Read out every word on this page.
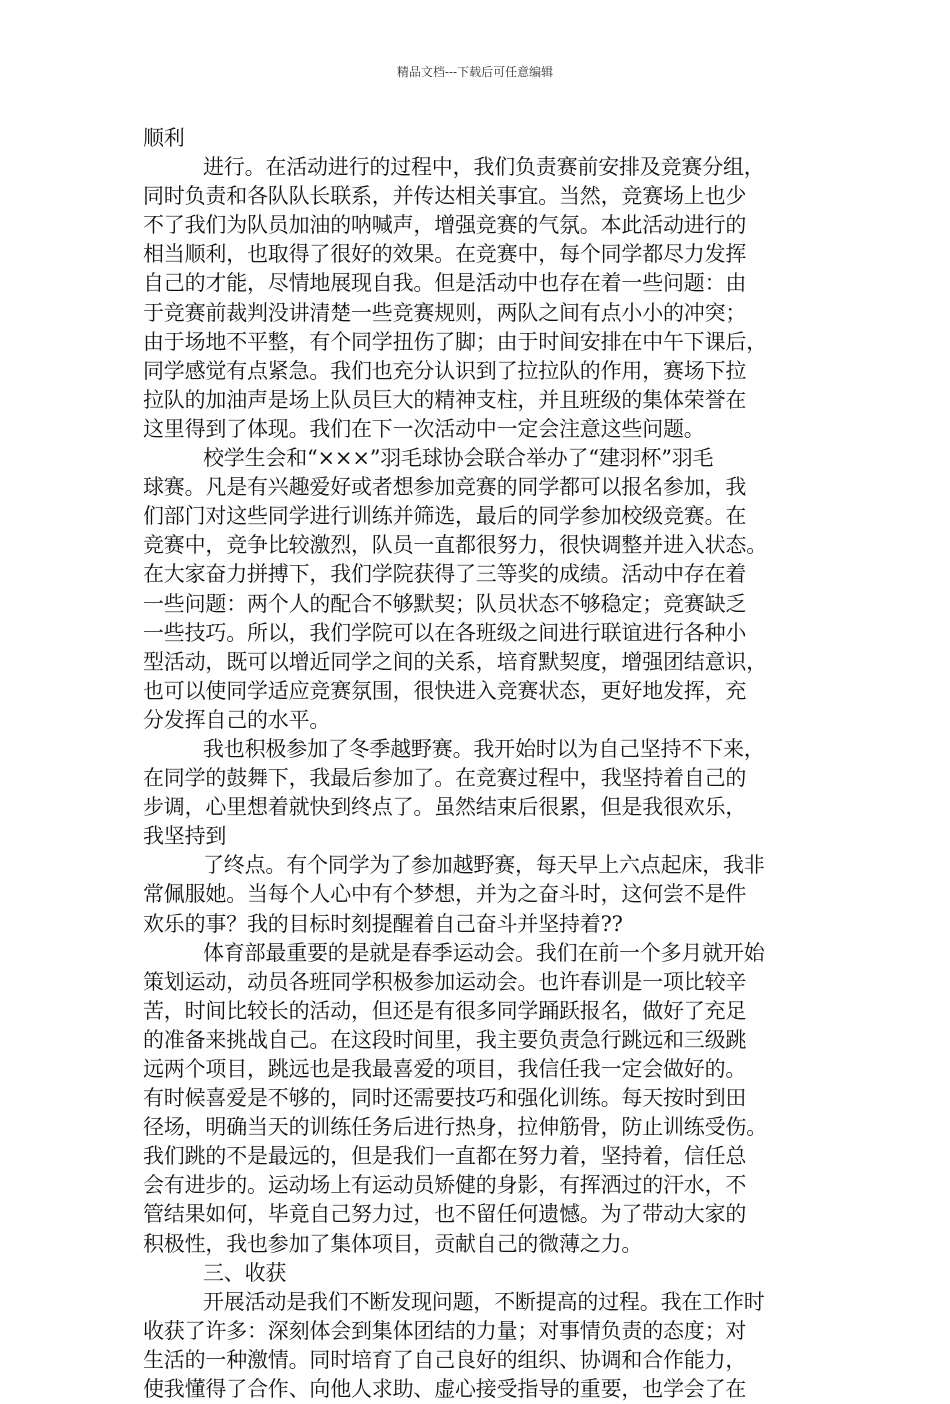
精品文档---下载后可任意编辑
顺利
进行。在活动进行的过程中，我们负责赛前安排及竞赛分组，
同时负责和各队队长联系，并传达相关事宜。当然，竞赛场上也少
不了我们为队员加油的呐喊声，增强竞赛的气氛。本此活动进行的
相当顺利，也取得了很好的效果。在竞赛中，每个同学都尽力发挥
自己的才能，尽情地展现自我。但是活动中也存在着一些问题：由
于竞赛前裁判没讲清楚一些竞赛规则，两队之间有点小小的冲突；
由于场地不平整，有个同学扭伤了脚；由于时间安排在中午下课后，
同学感觉有点紧急。我们也充分认识到了拉拉队的作用，赛场下拉
拉队的加油声是场上队员巨大的精神支柱，并且班级的集体荣誉在
这里得到了体现。我们在下一次活动中一定会注意这些问题。
校学生会和“×××”羽毛球协会联合举办了“建羽杯”羽毛
球赛。凡是有兴趣爱好或者想参加竞赛的同学都可以报名参加，我
们部门对这些同学进行训练并筛选，最后的同学参加校级竞赛。在
竞赛中，竞争比较激烈，队员一直都很努力，很快调整并进入状态。
在大家奋力拼搏下，我们学院获得了三等奖的成绩。活动中存在着
一些问题：两个人的配合不够默契；队员状态不够稳定；竞赛缺乏
一些技巧。所以，我们学院可以在各班级之间进行联谊进行各种小
型活动，既可以增近同学之间的关系，培育默契度，增强团结意识，
也可以使同学适应竞赛氛围，很快进入竞赛状态，更好地发挥，充
分发挥自己的水平。
我也积极参加了冬季越野赛。我开始时以为自己坚持不下来，
在同学的鼓舞下，我最后参加了。在竞赛过程中，我坚持着自己的
步调，心里想着就快到终点了。虽然结束后很累，但是我很欢乐，
我坚持到
了终点。有个同学为了参加越野赛，每天早上六点起床，我非
常佩服她。当每个人心中有个梦想，并为之奋斗时，这何尝不是件
欢乐的事？我的目标时刻提醒着自己奋斗并坚持着??
体育部最重要的是就是春季运动会。我们在前一个多月就开始
策划运动，动员各班同学积极参加运动会。也许春训是一项比较辛
苦，时间比较长的活动，但还是有很多同学踊跃报名，做好了充足
的准备来挑战自己。在这段时间里，我主要负责急行跳远和三级跳
远两个项目，跳远也是我最喜爱的项目，我信任我一定会做好的。
有时候喜爱是不够的，同时还需要技巧和强化训练。每天按时到田
径场，明确当天的训练任务后进行热身，拉伸筋骨，防止训练受伤。
我们跳的不是最远的，但是我们一直都在努力着，坚持着，信任总
会有进步的。运动场上有运动员矫健的身影，有挥洒过的汗水，不
管结果如何，毕竟自己努力过，也不留任何遗憾。为了带动大家的
积极性，我也参加了集体项目，贡献自己的微薄之力。
三、收获
开展活动是我们不断发现问题，不断提高的过程。我在工作时
收获了许多：深刻体会到集体团结的力量；对事情负责的态度；对
生活的一种激情。同时培育了自己良好的组织、协调和合作能力，
使我懂得了合作、向他人求助、虚心接受指导的重要，也学会了在
